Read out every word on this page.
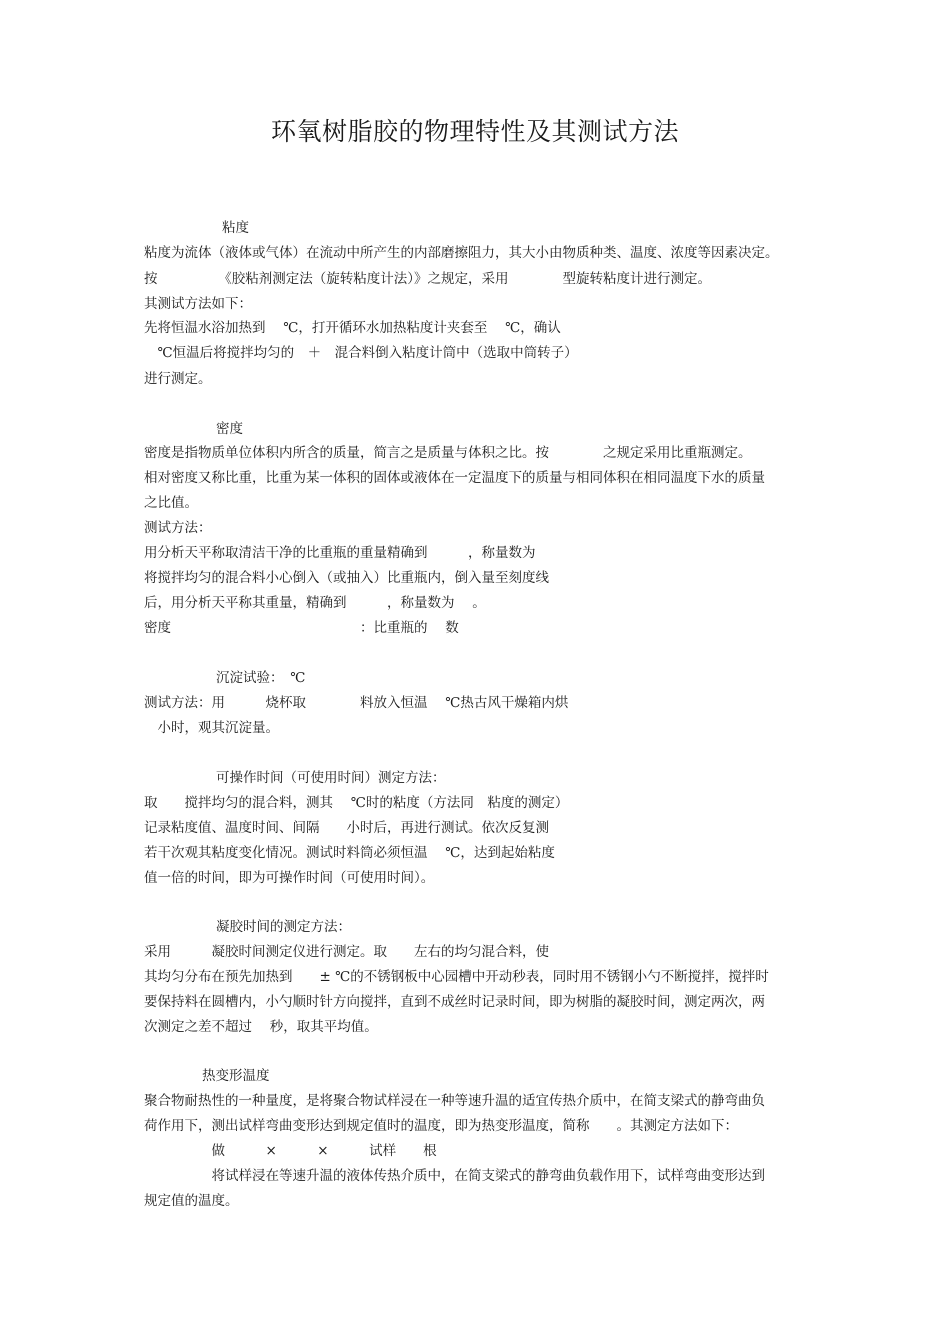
环氧树脂胶的物理特性及其测试方法
粘度
粘度为流体（液体或气体）在流动中所产生的内部磨擦阻力，其大小由物质种类、温度、浓度等因素决定。
按　　　　　《胶粘剂测定法（旋转粘度计法）》之规定，采用　　　　型旋转粘度计进行测定。
其测试方法如下：
先将恒温水浴加热到　 ℃，打开循环水加热粘度计夹套至　 ℃，确认
　℃恒温后将搅拌均匀的　＋　混合料倒入粘度计筒中（选取中筒转子）
进行测定。
密度
密度是指物质单位体积内所含的质量，简言之是质量与体积之比。按　　　　之规定采用比重瓶测定。
相对密度又称比重，比重为某一体积的固体或液体在一定温度下的质量与相同体积在相同温度下水的质量
之比值。
测试方法：
用分析天平称取清洁干净的比重瓶的重量精确到　　　，称量数为
将搅拌均匀的混合料小心倒入（或抽入）比重瓶内，倒入量至刻度线
后，用分析天平称其重量，精确到　　　，称量数为　 。
密度　　　　　　　　　　　　　　：比重瓶的　 数
沉淀试验：　℃
测试方法：用　　　烧杯取　　　　料放入恒温　 ℃热古风干燥箱内烘
　小时，观其沉淀量。
可操作时间（可使用时间）测定方法：
取　　搅拌均匀的混合料，测其　 ℃时的粘度（方法同　粘度的测定）
记录粘度值、温度时间、间隔　　小时后，再进行测试。依次反复测
若干次观其粘度变化情况。测试时料筒必须恒温　 ℃，达到起始粘度
值一倍的时间，即为可操作时间（可使用时间）。
凝胶时间的测定方法：
采用　　　凝胶时间测定仪进行测定。取　　左右的均匀混合料，使
其均匀分布在预先加热到　　± ℃的不锈钢板中心园槽中开动秒表，同时用不锈钢小勺不断搅拌，搅拌时
要保持料在圆槽内，小勺顺时针方向搅拌，直到不成丝时记录时间，即为树脂的凝胶时间，测定两次，两
次测定之差不超过　 秒，取其平均值。
热变形温度
聚合物耐热性的一种量度，是将聚合物试样浸在一种等速升温的适宜传热介质中，在简支梁式的静弯曲负
荷作用下，测出试样弯曲变形达到规定值时的温度，即为热变形温度，简称　　。其测定方法如下：
　　　　　做　　　×　　　×　　　试样　　根
　　　　　将试样浸在等速升温的液体传热介质中，在简支梁式的静弯曲负载作用下，试样弯曲变形达到
规定值的温度。
